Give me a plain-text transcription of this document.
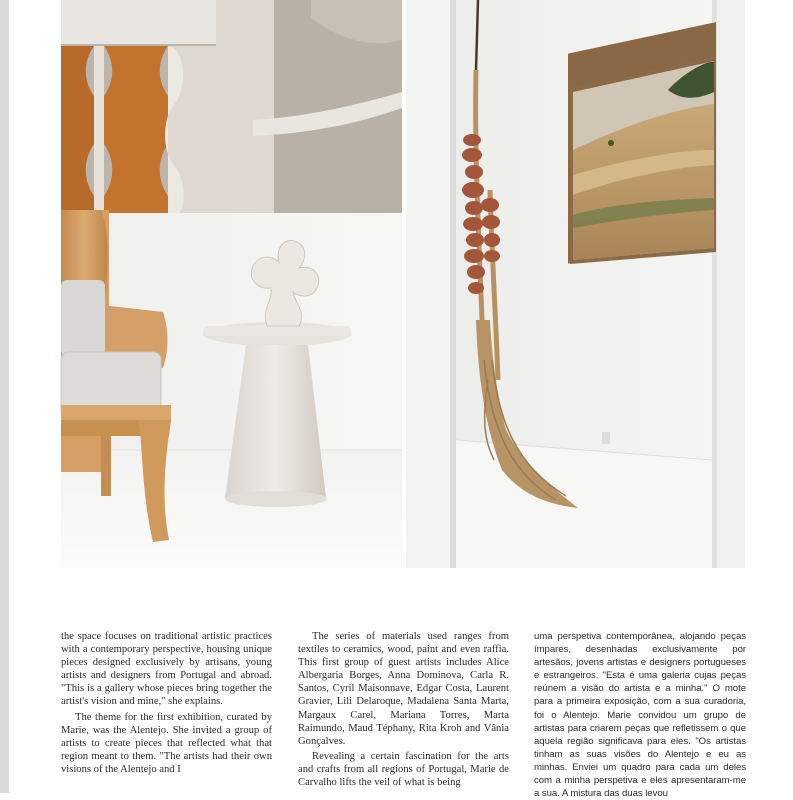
the space focuses on traditional artistic practices with a contemporary perspective, housing unique pieces designed exclusively by artisans, young artists and designers from Portugal and abroad. "This is a gallery whose pieces bring together the artist's vision and mine," she explains.

The theme for the first exhibition, curated by Marie, was the Alentejo. She invited a group of artists to create pieces that reflected what that region meant to them. "The artists had their own visions of the Alentejo and I

The series of materials used ranges from textiles to ceramics, wood, paint and even raffia. This first group of guest artists includes Alice Albergaria Borges, Anna Dominova, Carla R. Santos, Cyril Maisonnave, Edgar Costa, Laurent Gravier, Lili Delaroque, Madalena Santa Marta, Margaux Carel, Mariana Torres, Marta Raimundo, Maud Téphany, Rita Kroh and Vânia Gonçalves.

Revealing a certain fascination for the arts and crafts from all regions of Portugal, Marie de Carvalho lifts the veil of what is being

uma perspetiva contemporânea, alojando peças ímpares, desenhadas exclusivamente por artesãos, jovens artistas e designers portugueses e estrangeiros. "Esta é uma galeria cujas peças reúnem a visão do artista e a minha." O mote para a primeira exposição, com a sua curadoria, foi o Alentejo. Marie convidou um grupo de artistas para criarem peças que refletissem o que aquela região significava para eles. "Os artistas tinham as suas visões do Alentejo e eu as minhas. Enviei um quadro para cada um deles com a minha perspetiva e eles apresentaram-me a sua. A mistura das duas levou
